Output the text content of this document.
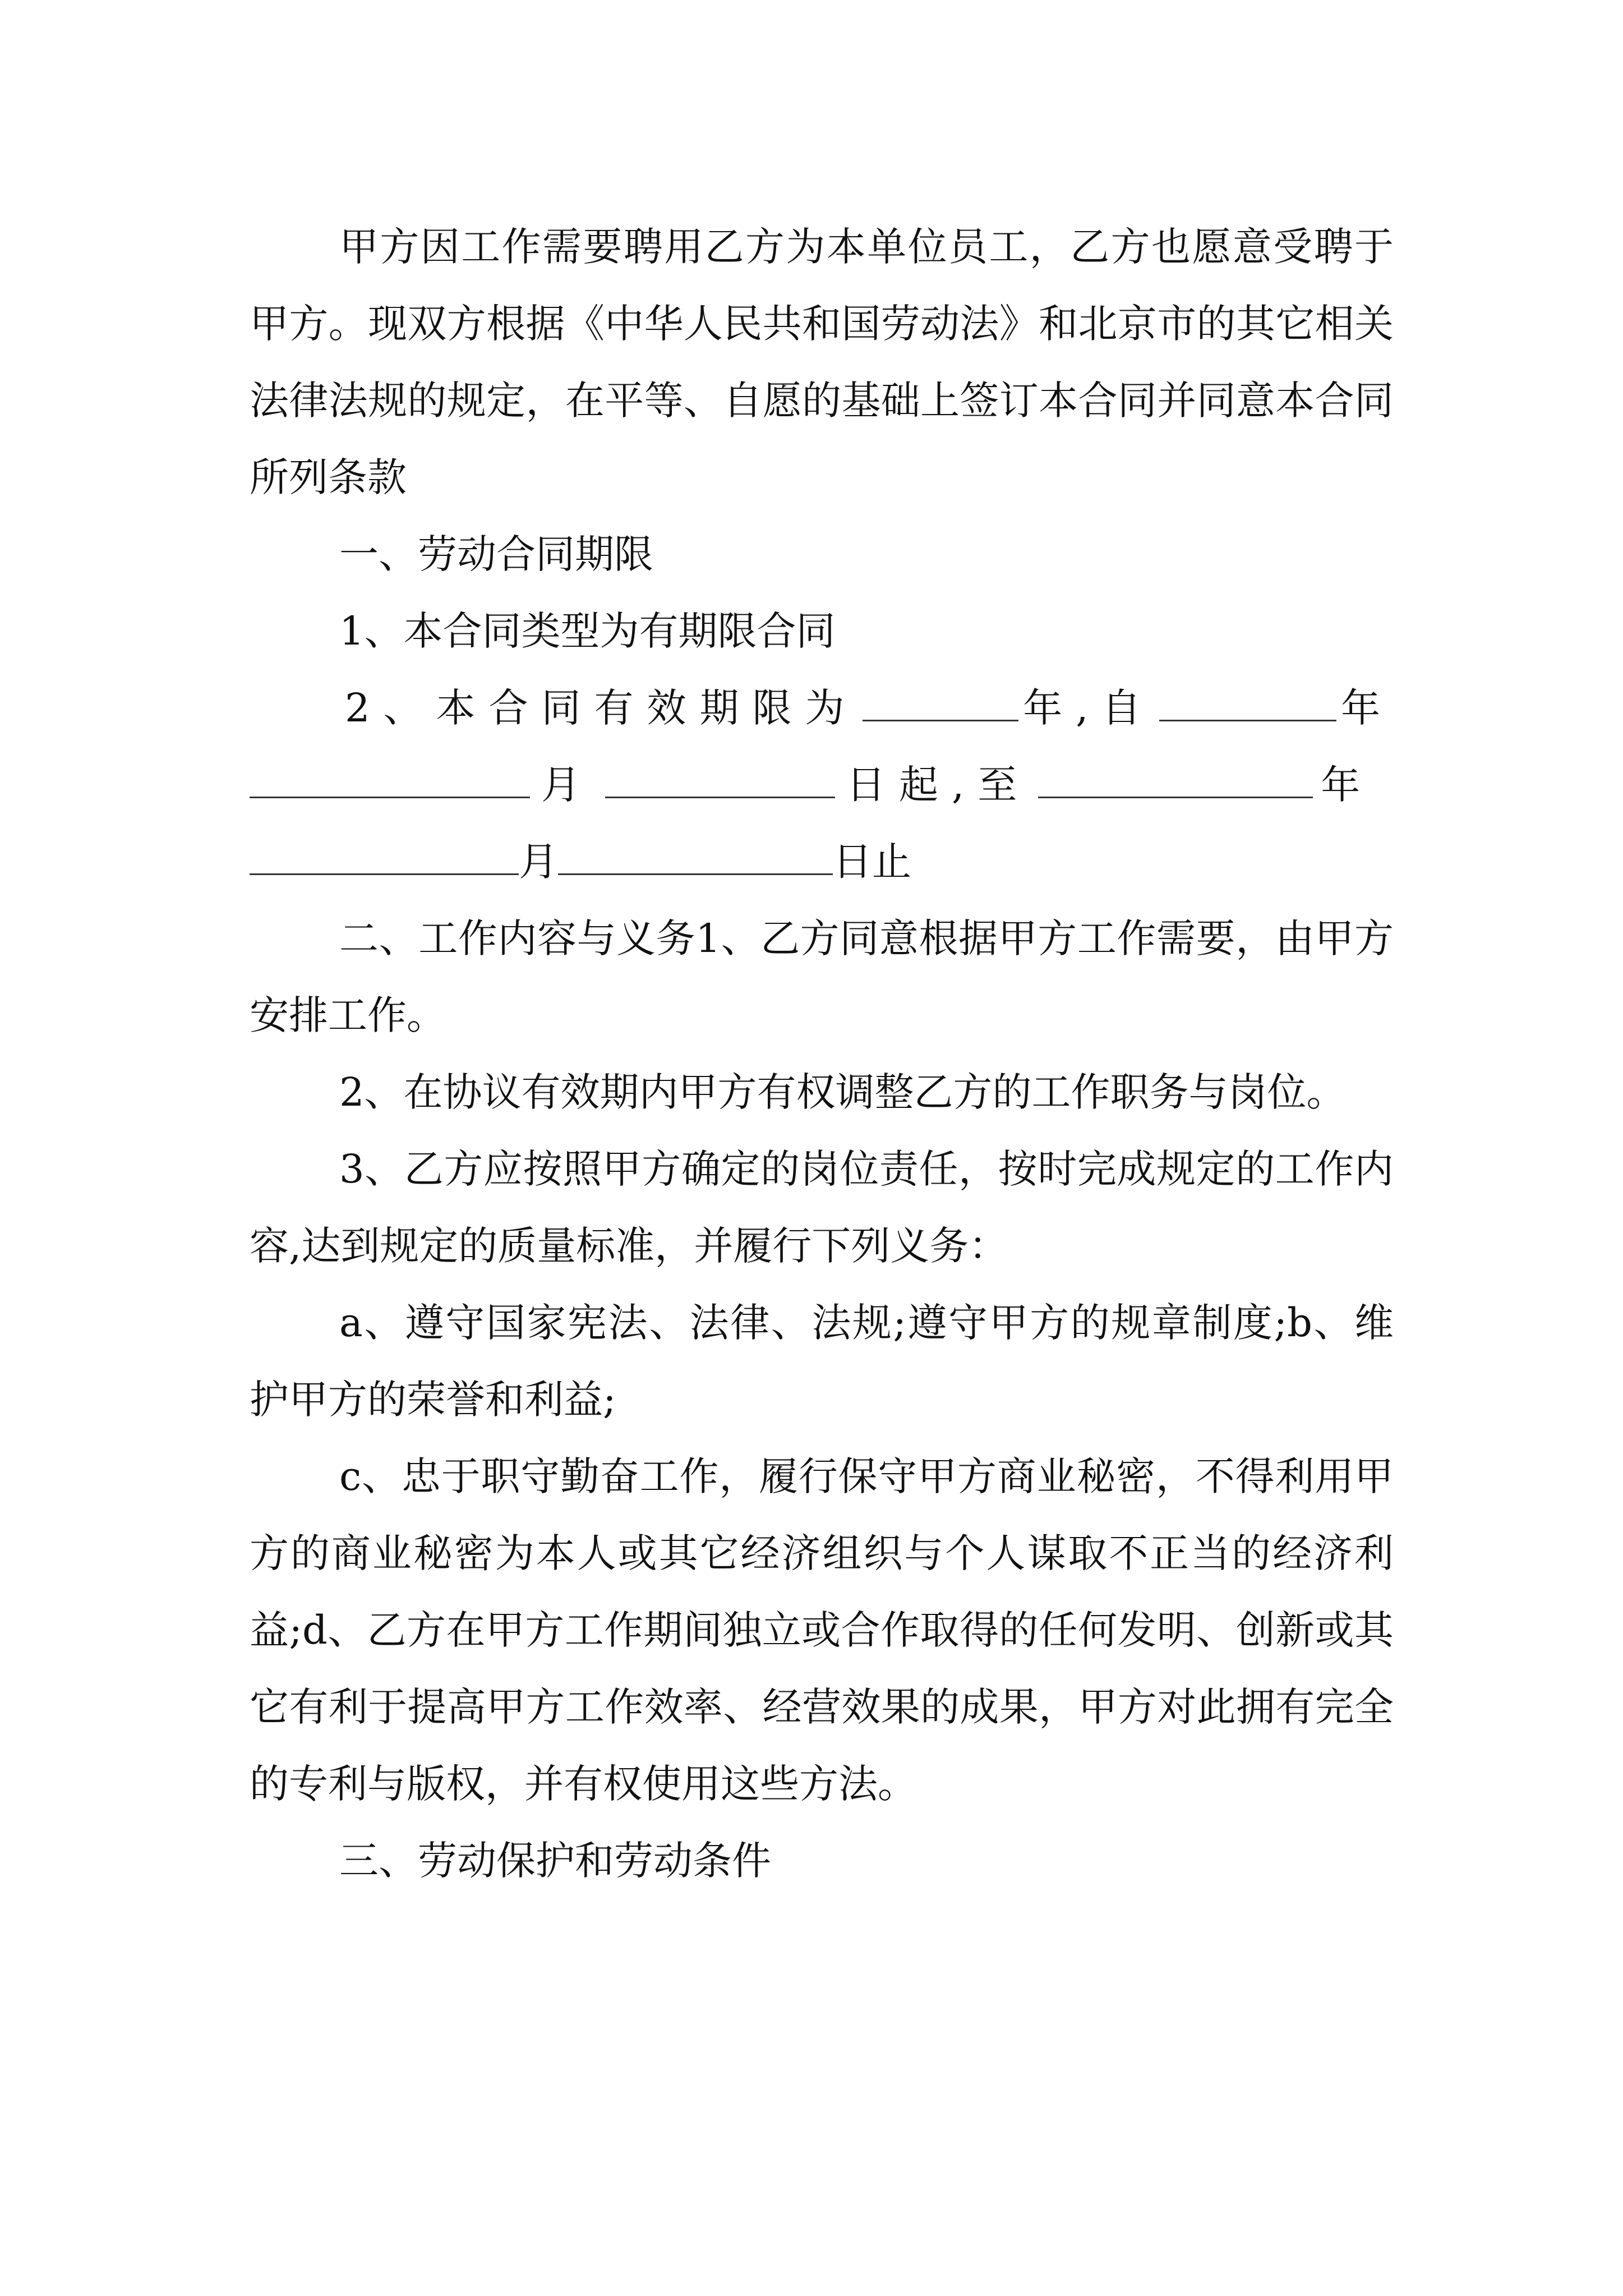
甲方因工作需要聘用乙方为本单位员工，乙方也愿意受聘于甲方。现双方根据《中华人民共和国劳动法》和北京市的其它相关法律法规的规定，在平等、自愿的基础上签订本合同并同意本合同所列条款

一、劳动合同期限

1、本合同类型为有期限合同

2、本合同有效期限为	年,自	年
月	日起,至	年
月	日止

二、工作内容与义务1、乙方同意根据甲方工作需要，由甲方安排工作。

2、在协议有效期内甲方有权调整乙方的工作职务与岗位。

3、乙方应按照甲方确定的岗位责任，按时完成规定的工作内容,达到规定的质量标准，并履行下列义务：

a、遵守国家宪法、法律、法规;遵守甲方的规章制度;b、维护甲方的荣誉和利益;

c、忠于职守勤奋工作，履行保守甲方商业秘密，不得利用甲方的商业秘密为本人或其它经济组织与个人谋取不正当的经济利益;d、乙方在甲方工作期间独立或合作取得的任何发明、创新或其它有利于提高甲方工作效率、经营效果的成果，甲方对此拥有完全的专利与版权，并有权使用这些方法。

三、劳动保护和劳动条件
